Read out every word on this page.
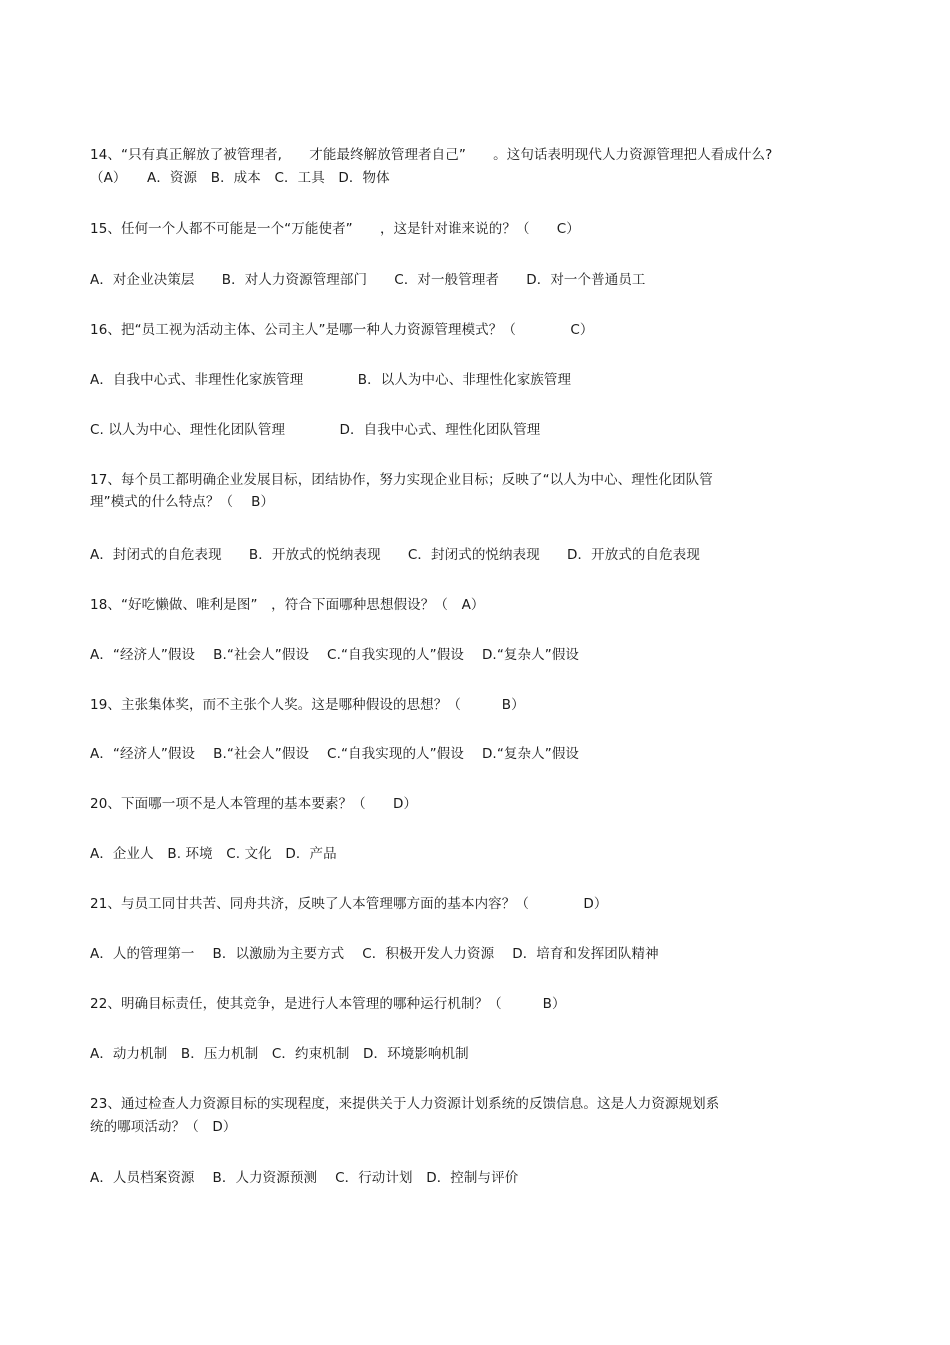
14、“只有真正解放了被管理者,　　才能最终解放管理者自己”　　。这句话表明现代人力资源管理把人看成什么?
（A）　　A．资源　B．成本　C．工具　D．物体
15、任何一个人都不可能是一个“万能使者”　　，这是针对谁来说的？（　　C）
A．对企业决策层　　B．对人力资源管理部门　　C．对一般管理者　　D．对一个普通员工
16、把“员工视为活动主体、公司主人”是哪一种人力资源管理模式？（　　　　C）
A．自我中心式、非理性化家族管理　　　　B．以人为中心、非理性化家族管理
C. 以人为中心、理性化团队管理　　　　D．自我中心式、理性化团队管理
17、每个员工都明确企业发展目标，团结协作，努力实现企业目标；反映了“以人为中心、理性化团队管
理”模式的什么特点？（　 B）
A．封闭式的自危表现　　B．开放式的悦纳表现　　C．封闭式的悦纳表现　　D．开放式的自危表现
18、“好吃懒做、唯利是图”　，符合下面哪种思想假设？（　A）
A．“经济人”假设　 B.“社会人”假设　 C.“自我实现的人”假设　 D.“复杂人”假设
19、主张集体奖，而不主张个人奖。这是哪种假设的思想？（　　　B）
A．“经济人”假设　 B.“社会人”假设　 C.“自我实现的人”假设　 D.“复杂人”假设
20、下面哪一项不是人本管理的基本要素？（　　D）
A．企业人　B. 环境　C. 文化　D．产品
21、与员工同甘共苦、同舟共济，反映了人本管理哪方面的基本内容？（　　　　D）
A．人的管理第一　 B．以激励为主要方式　 C．积极开发人力资源　 D．培育和发挥团队精神
22、明确目标责任，使其竞争，是进行人本管理的哪种运行机制？（　　　B）
A．动力机制　B．压力机制　C．约束机制　D．环境影响机制
23、通过检查人力资源目标的实现程度，来提供关于人力资源计划系统的反馈信息。这是人力资源规划系
统的哪项活动？（　D）
A．人员档案资源　 B．人力资源预测　 C．行动计划　D．控制与评价
